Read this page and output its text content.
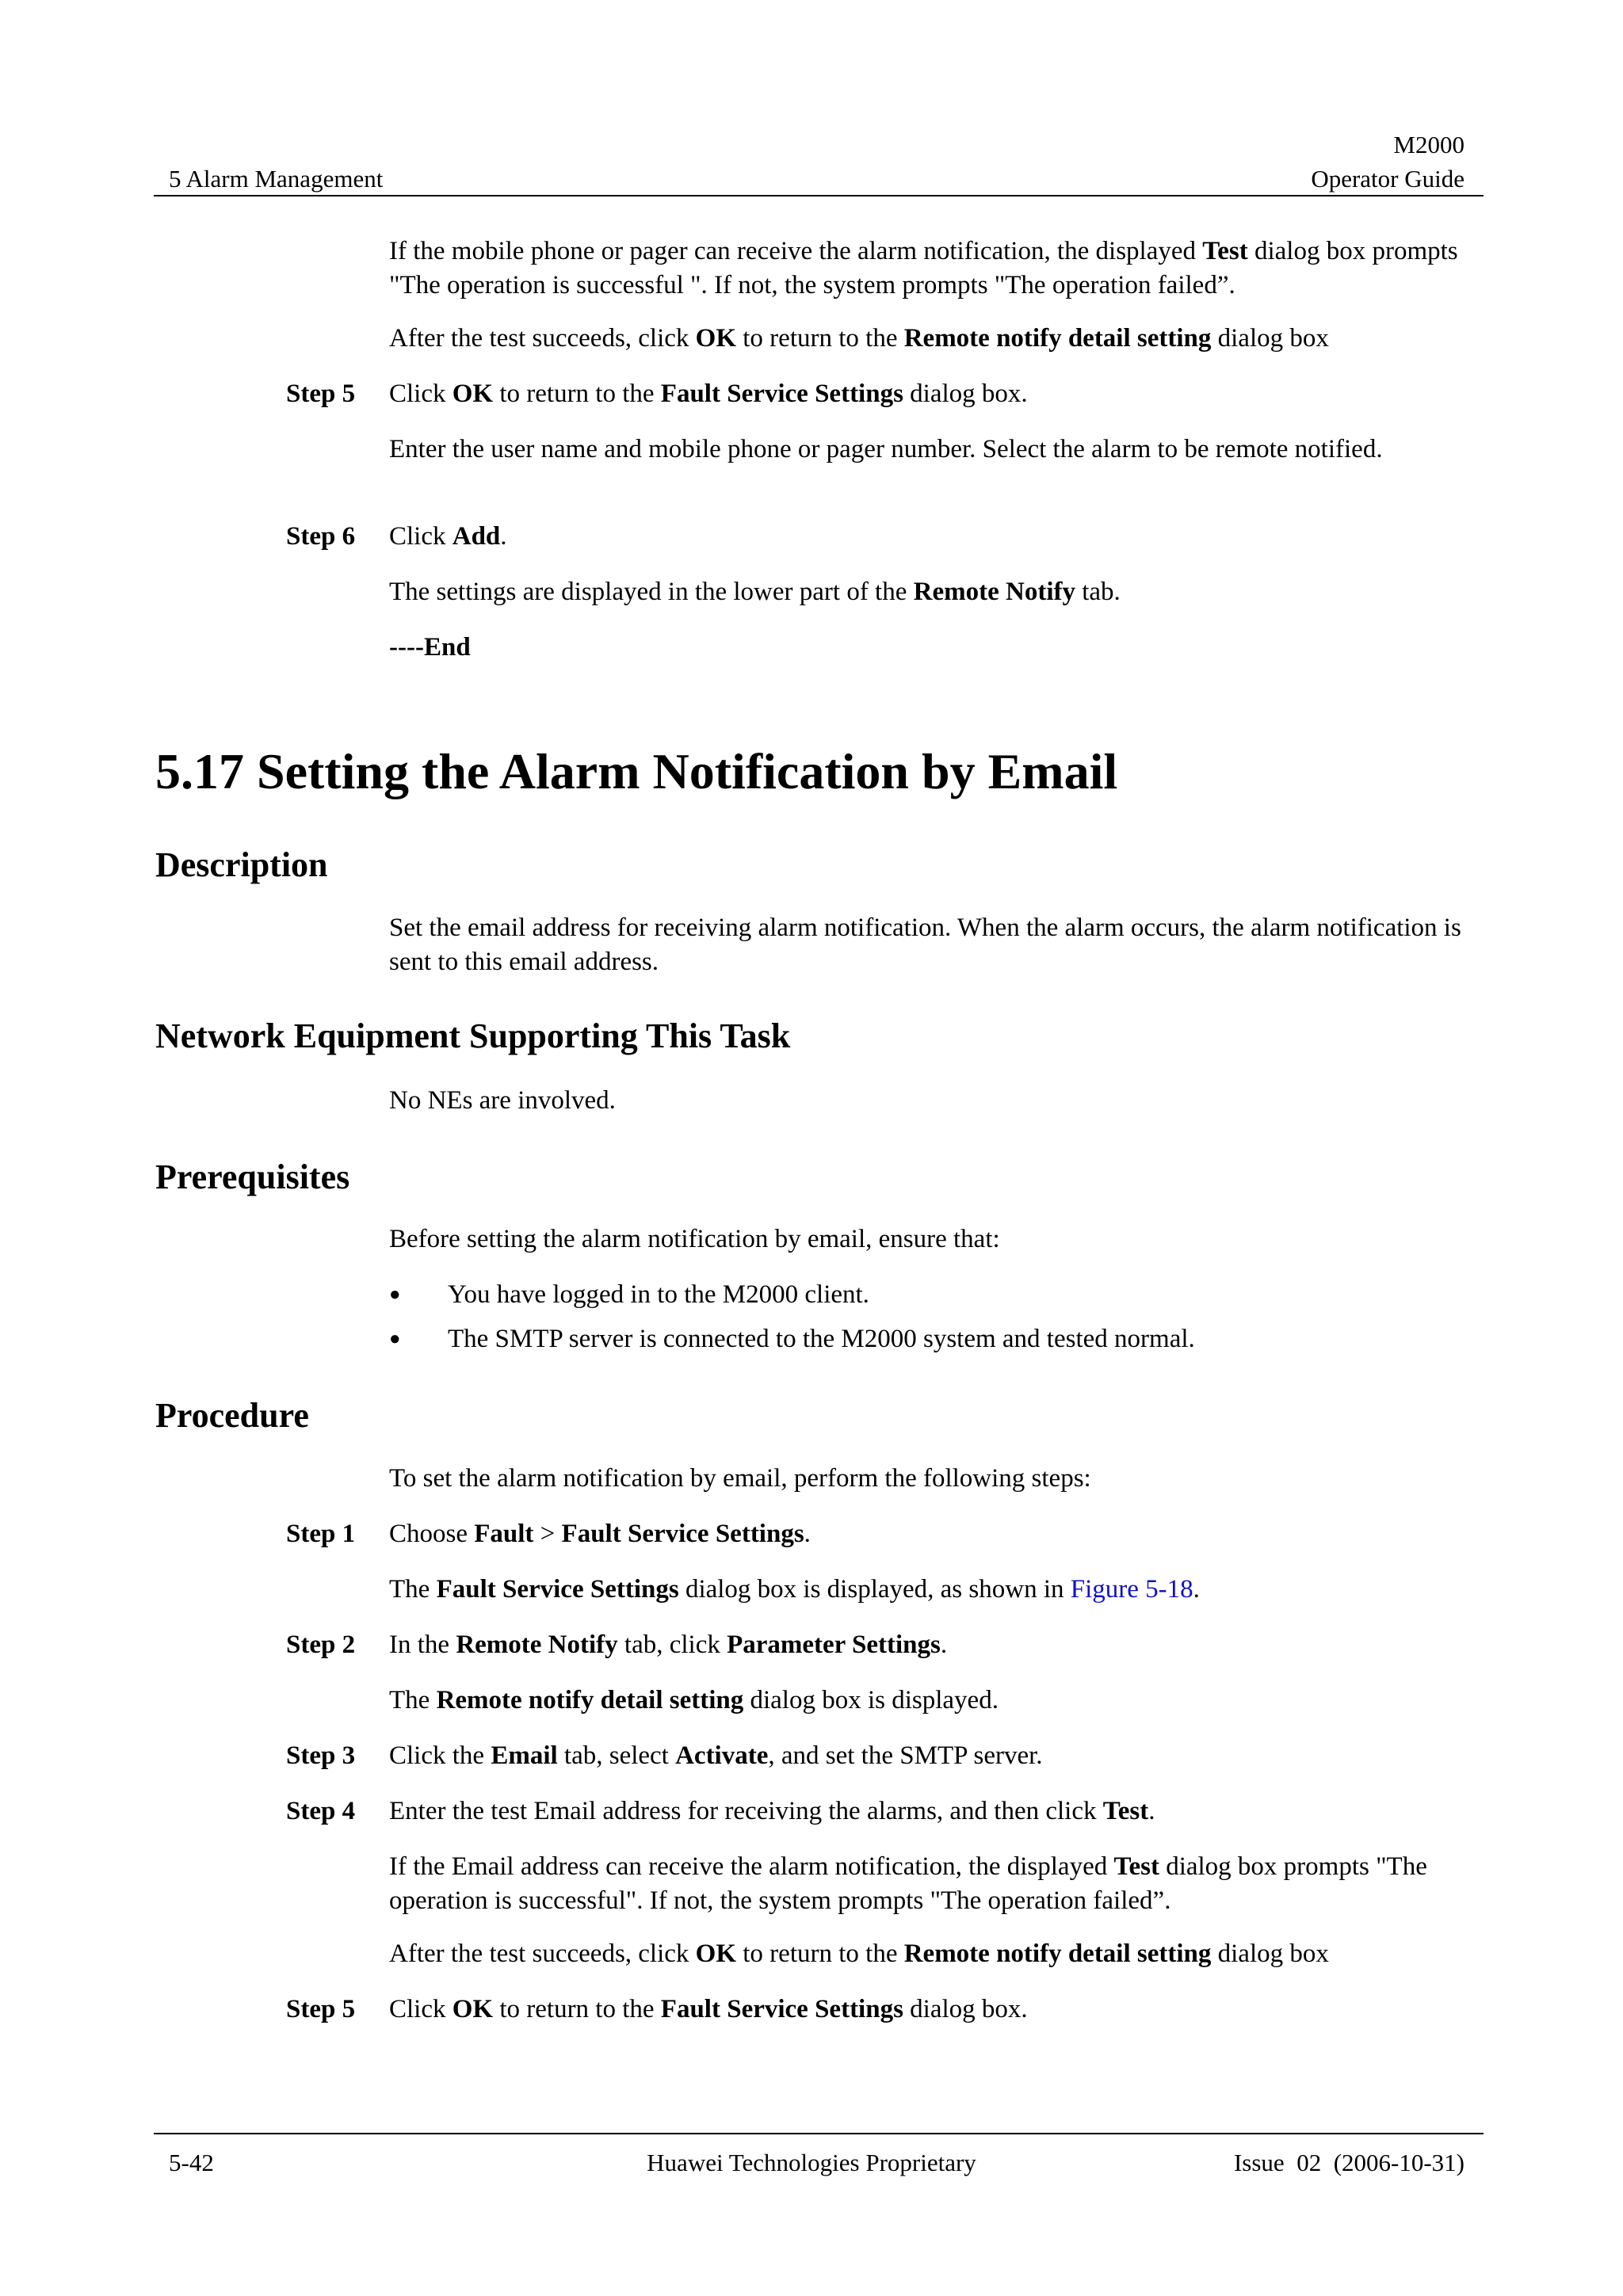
M2000
5 Alarm Management	Operator Guide
If the mobile phone or pager can receive the alarm notification, the displayed Test dialog box prompts "The operation is successful ". If not, the system prompts "The operation failed”.
After the test succeeds, click OK to return to the Remote notify detail setting dialog box
Step 5	Click OK to return to the Fault Service Settings dialog box.
Enter the user name and mobile phone or pager number. Select the alarm to be remote notified.
Step 6	Click Add.
The settings are displayed in the lower part of the Remote Notify tab.
----End
5.17 Setting the Alarm Notification by Email
Description
Set the email address for receiving alarm notification. When the alarm occurs, the alarm notification is sent to this email address.
Network Equipment Supporting This Task
No NEs are involved.
Prerequisites
Before setting the alarm notification by email, ensure that:
● You have logged in to the M2000 client.
● The SMTP server is connected to the M2000 system and tested normal.
Procedure
To set the alarm notification by email, perform the following steps:
Step 1	Choose Fault > Fault Service Settings.
The Fault Service Settings dialog box is displayed, as shown in Figure 5-18.
Step 2	In the Remote Notify tab, click Parameter Settings.
The Remote notify detail setting dialog box is displayed.
Step 3	Click the Email tab, select Activate, and set the SMTP server.
Step 4	Enter the test Email address for receiving the alarms, and then click Test.
If the Email address can receive the alarm notification, the displayed Test dialog box prompts "The operation is successful". If not, the system prompts "The operation failed”.
After the test succeeds, click OK to return to the Remote notify detail setting dialog box
Step 5	Click OK to return to the Fault Service Settings dialog box.
5-42	Huawei Technologies Proprietary	Issue  02  (2006-10-31)
